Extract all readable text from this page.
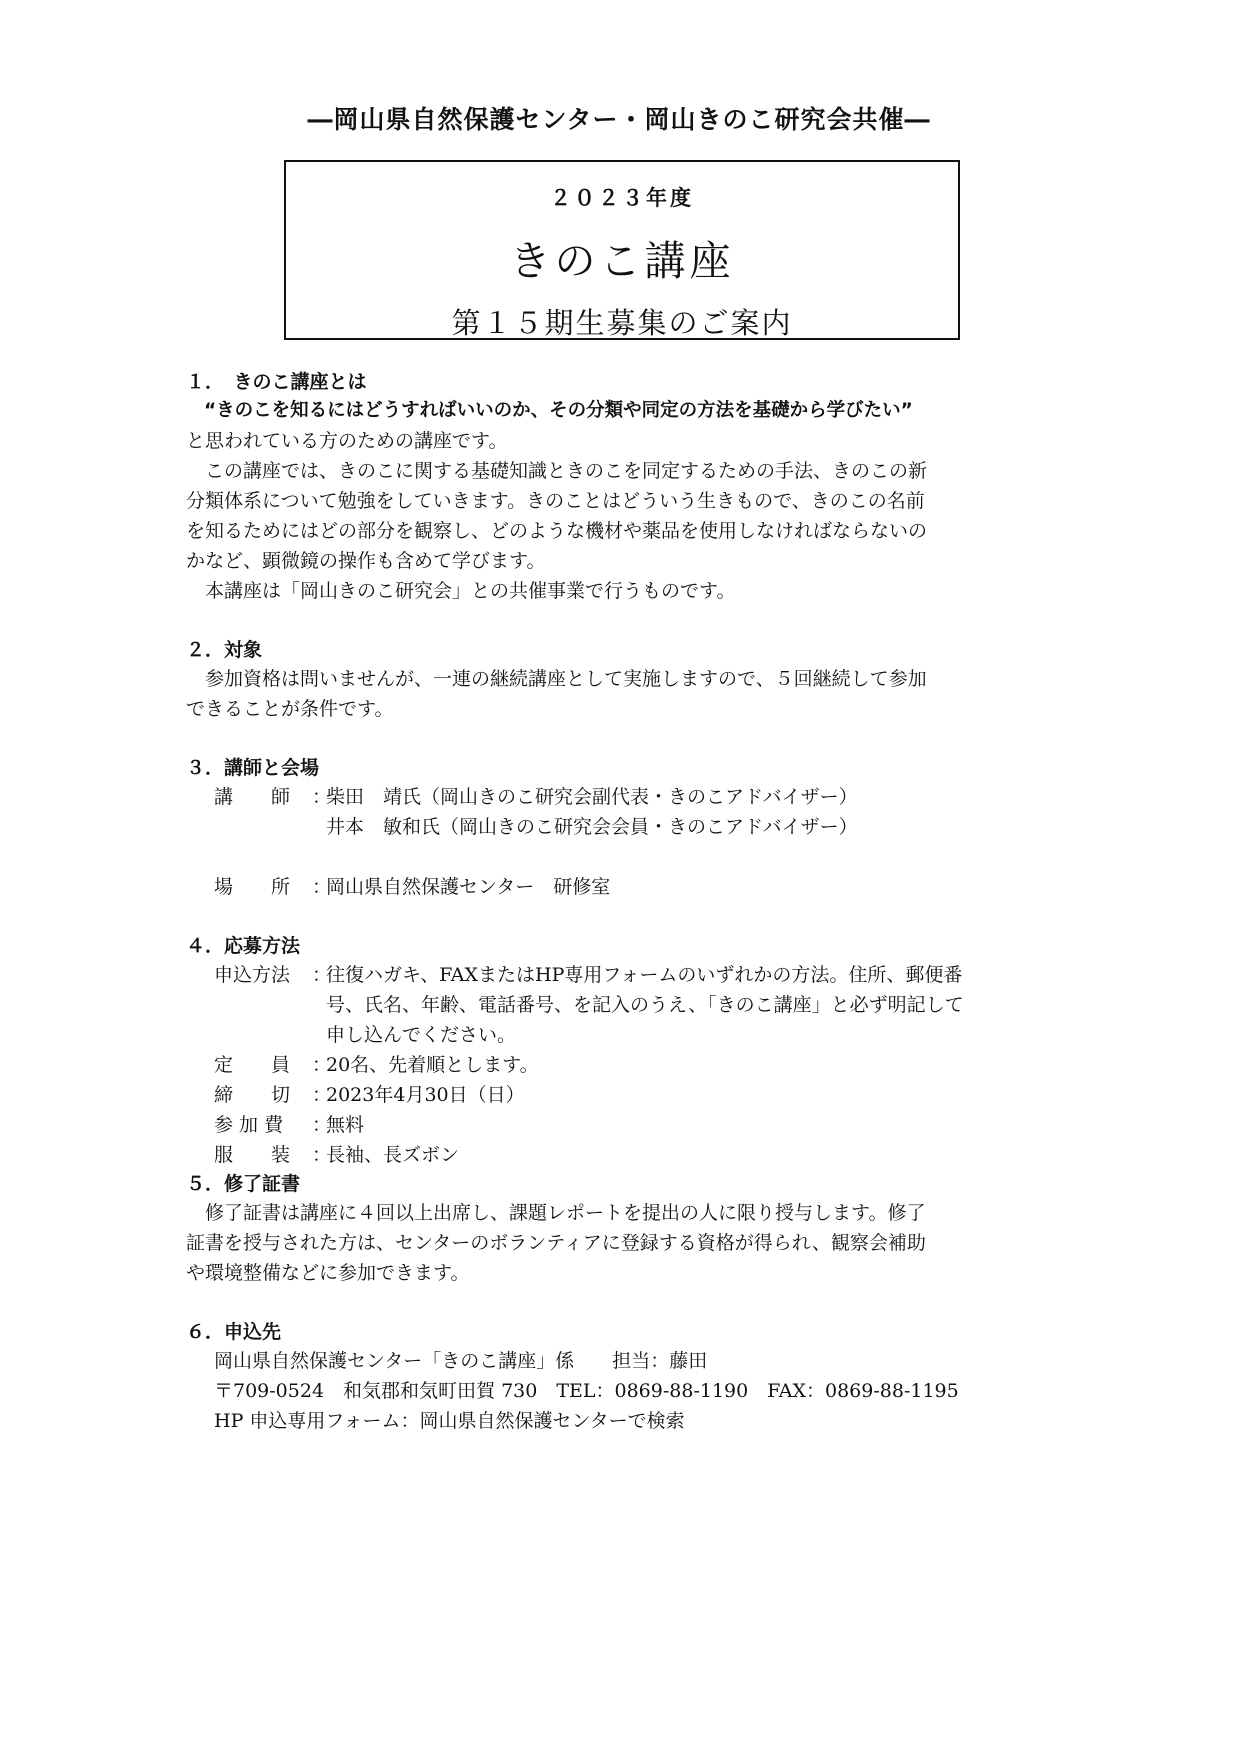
―岡山県自然保護センター・岡山きのこ研究会共催―
２０２３年度
きのこ講座
第１５期生募集のご案内
１．　きのこ講座とは
“きのこを知るにはどうすればいいのか、その分類や同定の方法を基礎から学びたい”
と思われている方のための講座です。
　この講座では、きのこに関する基礎知識ときのこを同定するための手法、きのこの新
分類体系について勉強をしていきます。きのことはどういう生きもので、きのこの名前
を知るためにはどの部分を観察し、どのような機材や薬品を使用しなければならないの
かなど、顕微鏡の操作も含めて学びます。
　本講座は「岡山きのこ研究会」との共催事業で行うものです。
２．対象
　参加資格は問いませんが、一連の継続講座として実施しますので、５回継続して参加
できることが条件です。
３．講師と会場
講　　師	：
柴田　靖氏（岡山きのこ研究会副代表・きのこアドバイザー）
井本　敏和氏（岡山きのこ研究会会員・きのこアドバイザー）
場　　所	：
岡山県自然保護センター　研修室
４．応募方法
申込方法	：
往復ハガキ、FAXまたはHP専用フォームのいずれかの方法。住所、郵便番
号、氏名、年齢、電話番号、を記入のうえ、「きのこ講座」と必ず明記して
申し込んでください。
定　　員	：
20名、先着順とします。
締　　切	：
2023年4月30日（日）
参 加 費	：
無料
服　　装	：
長袖、長ズボン
５．修了証書
　修了証書は講座に４回以上出席し、課題レポートを提出の人に限り授与します。修了
証書を授与された方は、センターのボランティアに登録する資格が得られ、観察会補助
や環境整備などに参加できます。
６．申込先
岡山県自然保護センター「きのこ講座」係　　担当：藤田
〒709-0524　和気郡和気町田賀 730　TEL：0869-88-1190　FAX：0869-88-1195
HP 申込専用フォーム：岡山県自然保護センターで検索
